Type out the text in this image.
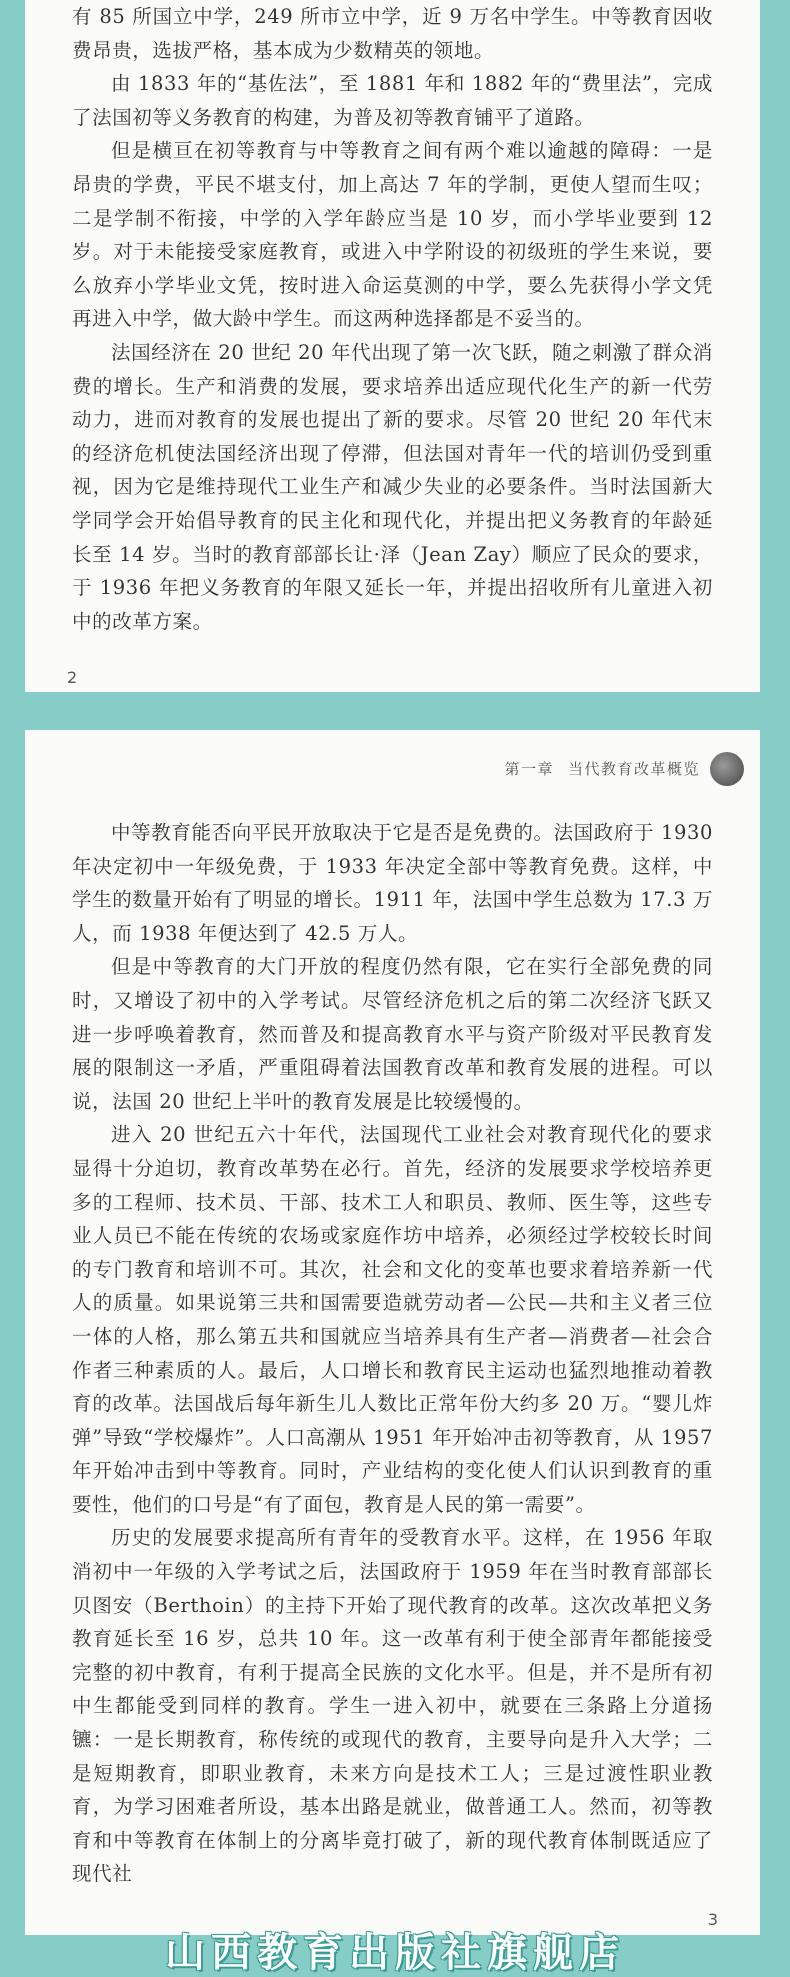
有 85 所国立中学，249 所市立中学，近 9 万名中学生。中等教育因收费昂贵，选拔严格，基本成为少数精英的领地。

由 1833 年的“基佐法”，至 1881 年和 1882 年的“费里法”，完成了法国初等义务教育的构建，为普及初等教育铺平了道路。

但是横亘在初等教育与中等教育之间有两个难以逾越的障碍：一是昂贵的学费，平民不堪支付，加上高达 7 年的学制，更使人望而生叹；二是学制不衔接，中学的入学年龄应当是 10 岁，而小学毕业要到 12 岁。对于未能接受家庭教育，或进入中学附设的初级班的学生来说，要么放弃小学毕业文凭，按时进入命运莫测的中学，要么先获得小学文凭再进入中学，做大龄中学生。而这两种选择都是不妥当的。

法国经济在 20 世纪 20 年代出现了第一次飞跃，随之刺激了群众消费的增长。生产和消费的发展，要求培养出适应现代化生产的新一代劳动力，进而对教育的发展也提出了新的要求。尽管 20 世纪 20 年代末的经济危机使法国经济出现了停滞，但法国对青年一代的培训仍受到重视，因为它是维持现代工业生产和减少失业的必要条件。当时法国新大学同学会开始倡导教育的民主化和现代化，并提出把义务教育的年龄延长至 14 岁。当时的教育部部长让·泽（Jean Zay）顺应了民众的要求，于 1936 年把义务教育的年限又延长一年，并提出招收所有儿童进入初中的改革方案。

2
第一章 当代教育改革概览

中等教育能否向平民开放取决于它是否是免费的。法国政府于 1930 年决定初中一年级免费，于 1933 年决定全部中等教育免费。这样，中学生的数量开始有了明显的增长。1911 年，法国中学生总数为 17.3 万人，而 1938 年便达到了 42.5 万人。

但是中等教育的大门开放的程度仍然有限，它在实行全部免费的同时，又增设了初中的入学考试。尽管经济危机之后的第二次经济飞跃又进一步呼唤着教育，然而普及和提高教育水平与资产阶级对平民教育发展的限制这一矛盾，严重阻碍着法国教育改革和教育发展的进程。可以说，法国 20 世纪上半叶的教育发展是比较缓慢的。

进入 20 世纪五六十年代，法国现代工业社会对教育现代化的要求显得十分迫切，教育改革势在必行。首先，经济的发展要求学校培养更多的工程师、技术员、干部、技术工人和职员、教师、医生等，这些专业人员已不能在传统的农场或家庭作坊中培养，必须经过学校较长时间的专门教育和培训不可。其次，社会和文化的变革也要求着培养新一代人的质量。如果说第三共和国需要造就劳动者—公民—共和主义者三位一体的人格，那么第五共和国就应当培养具有生产者—消费者—社会合作者三种素质的人。最后，人口增长和教育民主运动也猛烈地推动着教育的改革。法国战后每年新生儿人数比正常年份大约多 20 万。“婴儿炸弹”导致“学校爆炸”。人口高潮从 1951 年开始冲击初等教育，从 1957 年开始冲击到中等教育。同时，产业结构的变化使人们认识到教育的重要性，他们的口号是“有了面包，教育是人民的第一需要”。

历史的发展要求提高所有青年的受教育水平。这样，在 1956 年取消初中一年级的入学考试之后，法国政府于 1959 年在当时教育部部长贝图安（Berthoin）的主持下开始了现代教育的改革。这次改革把义务教育延长至 16 岁，总共 10 年。这一改革有利于使全部青年都能接受完整的初中教育，有利于提高全民族的文化水平。但是，并不是所有初中生都能受到同样的教育。学生一进入初中，就要在三条路上分道扬镳：一是长期教育，称传统的或现代的教育，主要导向是升入大学；二是短期教育，即职业教育，未来方向是技术工人；三是过渡性职业教育，为学习困难者所设，基本出路是就业，做普通工人。然而，初等教育和中等教育在体制上的分离毕竟打破了，新的现代教育体制既适应了现代社

3
山西教育出版社旗舰店
